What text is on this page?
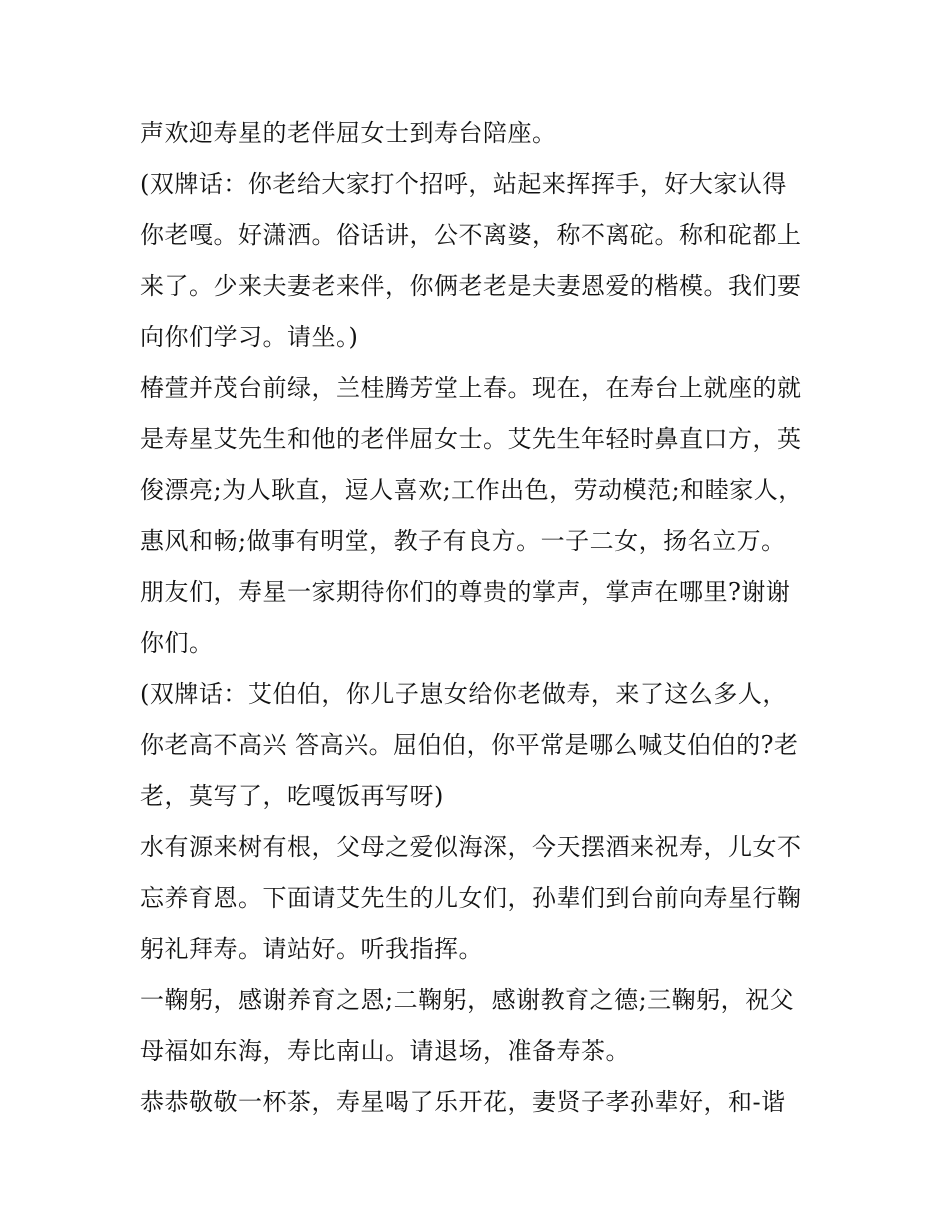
声欢迎寿星的老伴屈女士到寿台陪座。

(双牌话：你老给大家打个招呼，站起来挥挥手，好大家认得
你老嘎。好潇洒。俗话讲，公不离婆，称不离砣。称和砣都上
来了。少来夫妻老来伴，你俩老老是夫妻恩爱的楷模。我们要
向你们学习。请坐。)

椿萱并茂台前绿，兰桂腾芳堂上春。现在，在寿台上就座的就
是寿星艾先生和他的老伴屈女士。艾先生年轻时鼻直口方，英
俊漂亮;为人耿直，逗人喜欢;工作出色，劳动模范;和睦家人，
惠风和畅;做事有明堂，教子有良方。一子二女，扬名立万。
朋友们，寿星一家期待你们的尊贵的掌声，掌声在哪里?谢谢
你们。

(双牌话：艾伯伯，你儿子崽女给你老做寿，来了这么多人，
你老高不高兴 答高兴。屈伯伯，你平常是哪么喊艾伯伯的?老
老，莫写了，吃嘎饭再写呀)

水有源来树有根，父母之爱似海深，今天摆酒来祝寿，儿女不
忘养育恩。下面请艾先生的儿女们，孙辈们到台前向寿星行鞠
躬礼拜寿。请站好。听我指挥。

一鞠躬，感谢养育之恩;二鞠躬，感谢教育之德;三鞠躬，祝父
母福如东海，寿比南山。请退场，准备寿茶。

恭恭敬敬一杯茶，寿星喝了乐开花，妻贤子孝孙辈好，和-谐
